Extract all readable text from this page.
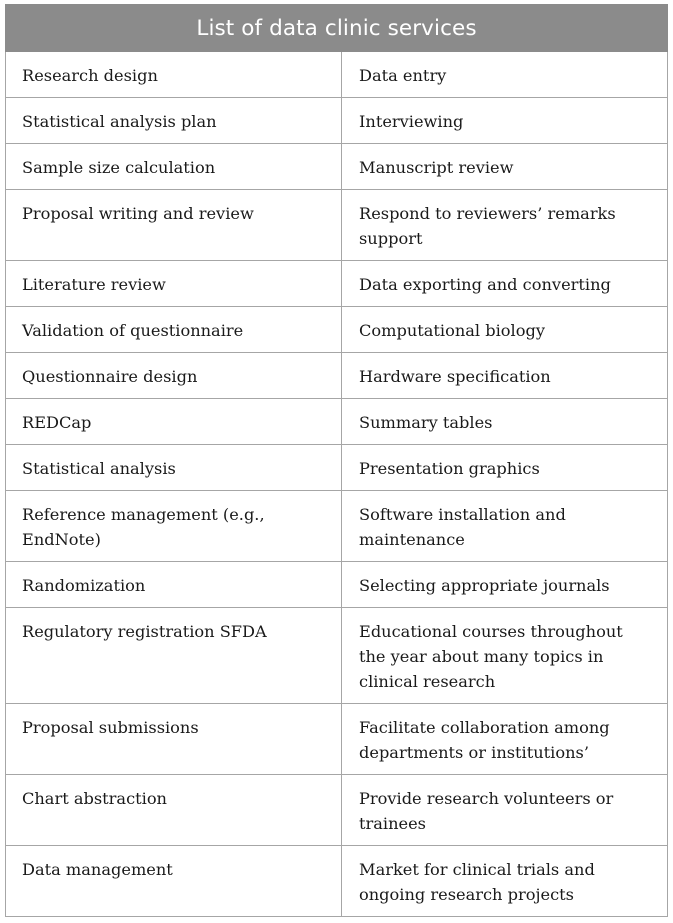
List of data clinic services	
Research design	Data entry
Statistical analysis plan	Interviewing
Sample size calculation	Manuscript review
Proposal writing and review	Respond to reviewers’ remarks support
Literature review	Data exporting and converting
Validation of questionnaire	Computational biology
Questionnaire design	Hardware specification
REDCap	Summary tables
Statistical analysis	Presentation graphics
Reference management (e.g., EndNote)	Software installation and maintenance
Randomization	Selecting appropriate journals
Regulatory registration SFDA	Educational courses throughout the year about many topics in clinical research
Proposal submissions	Facilitate collaboration among departments or institutions’
Chart abstraction	Provide research volunteers or trainees
Data management	Market for clinical trials and ongoing research projects
